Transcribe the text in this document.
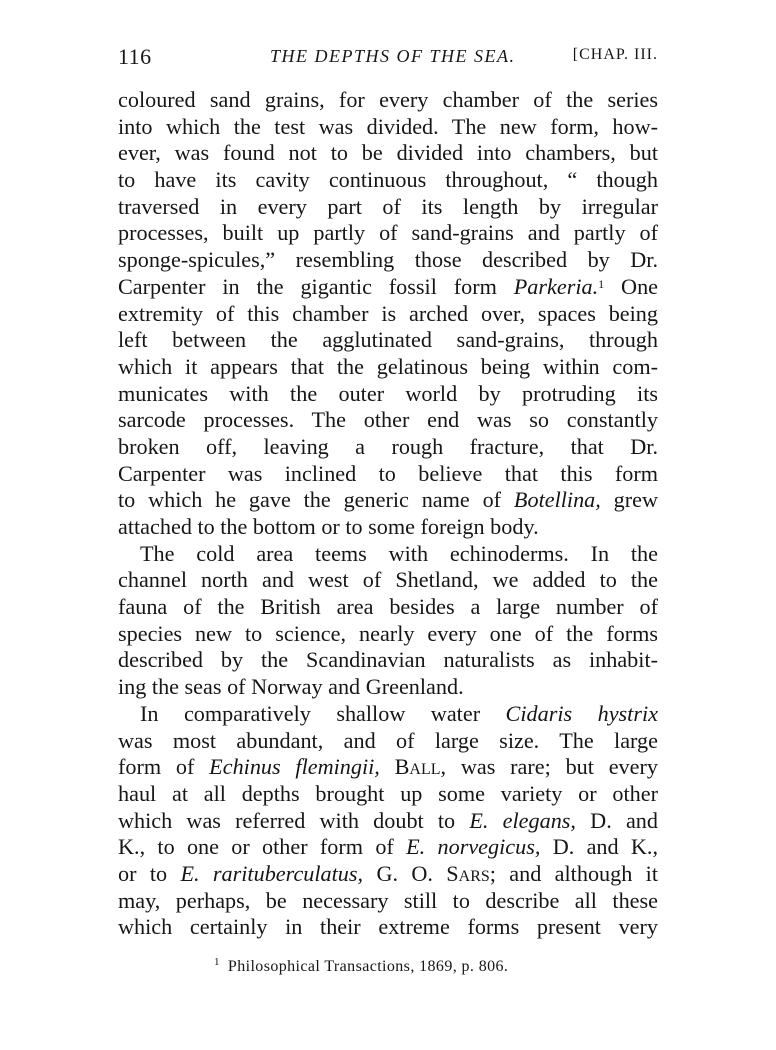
116	THE DEPTHS OF THE SEA.	[CHAP. III.
coloured sand grains, for every chamber of the series
into which the test was divided. The new form, how-
ever, was found not to be divided into chambers, but
to have its cavity continuous throughout, “ though
traversed in every part of its length by irregular
processes, built up partly of sand-grains and partly of
sponge-spicules,” resembling those described by Dr.
Carpenter in the gigantic fossil form Parkeria.$^1$ One
extremity of this chamber is arched over, spaces being
left between the agglutinated sand-grains, through
which it appears that the gelatinous being within com-
municates with the outer world by protruding its
sarcode processes. The other end was so constantly
broken off, leaving a rough fracture, that Dr.
Carpenter was inclined to believe that this form
to which he gave the generic name of Botellina, grew
attached to the bottom or to some foreign body.
The cold area teems with echinoderms. In the
channel north and west of Shetland, we added to the
fauna of the British area besides a large number of
species new to science, nearly every one of the forms
described by the Scandinavian naturalists as inhabit-
ing the seas of Norway and Greenland.
In comparatively shallow water Cidaris hystrix
was most abundant, and of large size. The large
form of Echinus flemingii, Ball, was rare; but every
haul at all depths brought up some variety or other
which was referred with doubt to E. elegans, D. and
K., to one or other form of E. norvegicus, D. and K.,
or to E. rarituberculatus, G. O. Sars; and although it
may, perhaps, be necessary still to describe all these
which certainly in their extreme forms present very
$^1$ Philosophical Transactions, 1869, p. 806.
